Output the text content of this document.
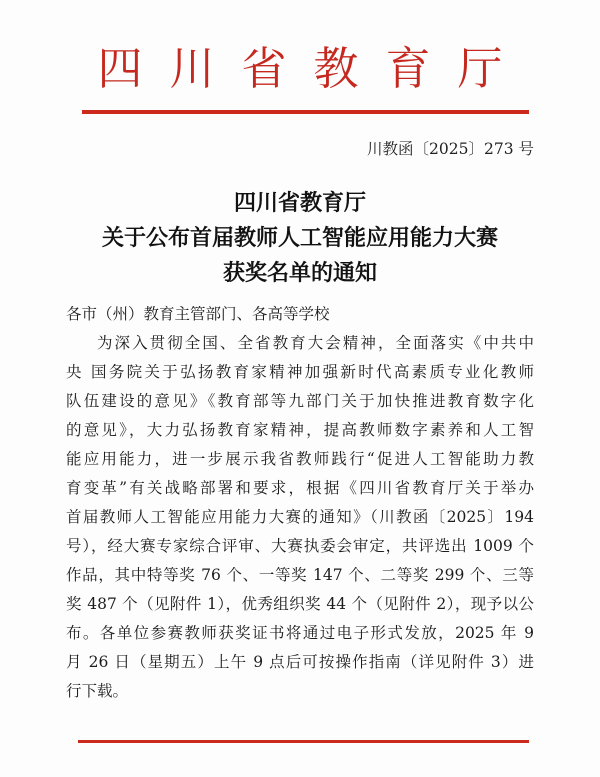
四川省教育厅
川教函〔2025〕273 号
四川省教育厅
关于公布首届教师人工智能应用能力大赛
获奖名单的通知
各市（州）教育主管部门、各高等学校
为深入贯彻全国、全省教育大会精神，全面落实《中共中
央 国务院关于弘扬教育家精神加强新时代高素质专业化教师
队伍建设的意见》《教育部等九部门关于加快推进教育数字化
的意见》，大力弘扬教育家精神，提高教师数字素养和人工智
能应用能力，进一步展示我省教师践行“促进人工智能助力教
育变革”有关战略部署和要求，根据《四川省教育厅关于举办
首届教师人工智能应用能力大赛的通知》（川教函〔2025〕194
号），经大赛专家综合评审、大赛执委会审定，共评选出 1009 个
作品，其中特等奖 76 个、一等奖 147 个、二等奖 299 个、三等
奖 487 个（见附件 1），优秀组织奖 44 个（见附件 2），现予以公
布。各单位参赛教师获奖证书将通过电子形式发放，2025 年 9
月 26 日（星期五）上午 9 点后可按操作指南（详见附件 3）进
行下载。
